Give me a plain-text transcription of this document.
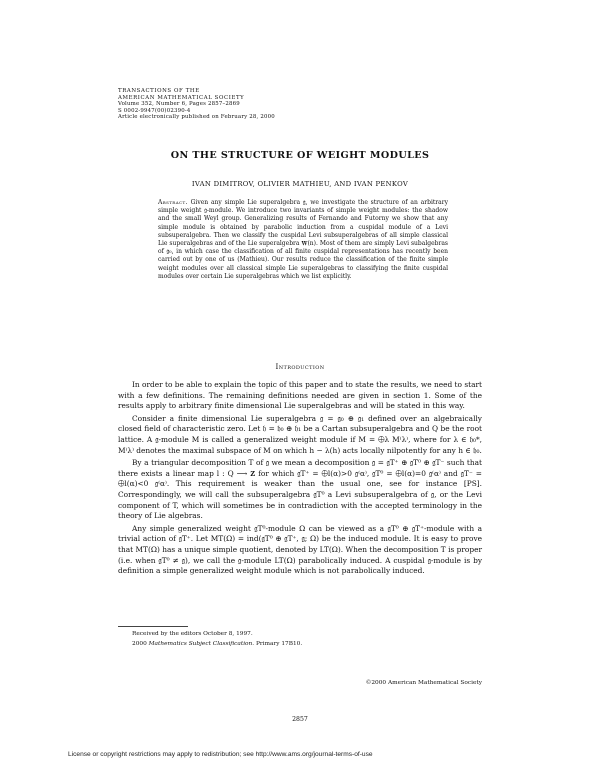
TRANSACTIONS OF THE
AMERICAN MATHEMATICAL SOCIETY
Volume 352, Number 6, Pages 2857–2869
S 0002-9947(00)02390-4
Article electronically published on February 28, 2000
ON THE STRUCTURE OF WEIGHT MODULES
IVAN DIMITROV, OLIVIER MATHIEU, AND IVAN PENKOV

Abstract. Given any simple Lie superalgebra 𝔤, we investigate the structure of an arbitrary simple weight 𝔤-module. We introduce two invariants of simple weight modules: the shadow and the small Weyl group. Generalizing results of Fernando and Futorny we show that any simple module is obtained by parabolic induction from a cuspidal module of a Levi subsuperalgebra. Then we classify the cuspidal Levi subsuperalgebras of all simple classical Lie superalgebras and of the Lie superalgebra 𝐖(n). Most of them are simply Levi subalgebras of 𝔤₀, in which case the classification of all finite cuspidal representations has recently been carried out by one of us (Mathieu). Our results reduce the classification of the finite simple weight modules over all classical simple Lie superalgebras to classifying the finite cuspidal modules over certain Lie superalgebras which we list explicitly.

Introduction

In order to be able to explain the topic of this paper and to state the results, we need to start with a few definitions. The remaining definitions needed are given in section 1. Some of the results apply to arbitrary finite dimensional Lie superalgebras and will be stated in this way.

Consider a finite dimensional Lie superalgebra 𝔤 = 𝔤₀ ⊕ 𝔤₁ defined over an algebraically closed field of characteristic zero. Let 𝔥 = 𝔥₀ ⊕ 𝔥₁ be a Cartan subsuperalgebra and Q be the root lattice. A 𝔤-module M is called a generalized weight module if M = ⨁λ M⁽λ⁾, where for λ ∈ 𝔥₀*, M⁽λ⁾ denotes the maximal subspace of M on which h − λ(h) acts locally nilpotently for any h ∈ 𝔥₀.

By a triangular decomposition T of 𝔤 we mean a decomposition 𝔤 = 𝔤T⁺ ⊕ 𝔤T⁰ ⊕ 𝔤T⁻ such that there exists a linear map l : Q ⟶ 𝐙 for which 𝔤T⁺ = ⨁l(α)>0 𝔤⁽α⁾, 𝔤T⁰ = ⨁l(α)=0 𝔤⁽α⁾ and 𝔤T⁻ = ⨁l(α)<0 𝔤⁽α⁾. This requirement is weaker than the usual one, see for instance [PS]. Correspondingly, we will call the subsuperalgebra 𝔤T⁰ a Levi subsuperalgebra of 𝔤, or the Levi component of T, which will sometimes be in contradiction with the accepted terminology in the theory of Lie algebras.

Any simple generalized weight 𝔤T⁰-module Ω can be viewed as a 𝔤T⁰ ⊕ 𝔤T⁺-module with a trivial action of 𝔤T⁺. Let MT(Ω) = ind(𝔤T⁰ ⊕ 𝔤T⁺, 𝔤; Ω) be the induced module. It is easy to prove that MT(Ω) has a unique simple quotient, denoted by LT(Ω). When the decomposition T is proper (i.e. when 𝔤T⁰ ≠ 𝔤), we call the 𝔤-module LT(Ω) parabolically induced. A cuspidal 𝔤-module is by definition a simple generalized weight module which is not parabolically induced.

Received by the editors October 8, 1997.
2000 Mathematics Subject Classification. Primary 17B10.
©2000 American Mathematical Society
2857
License or copyright restrictions may apply to redistribution; see http://www.ams.org/journal-terms-of-use
